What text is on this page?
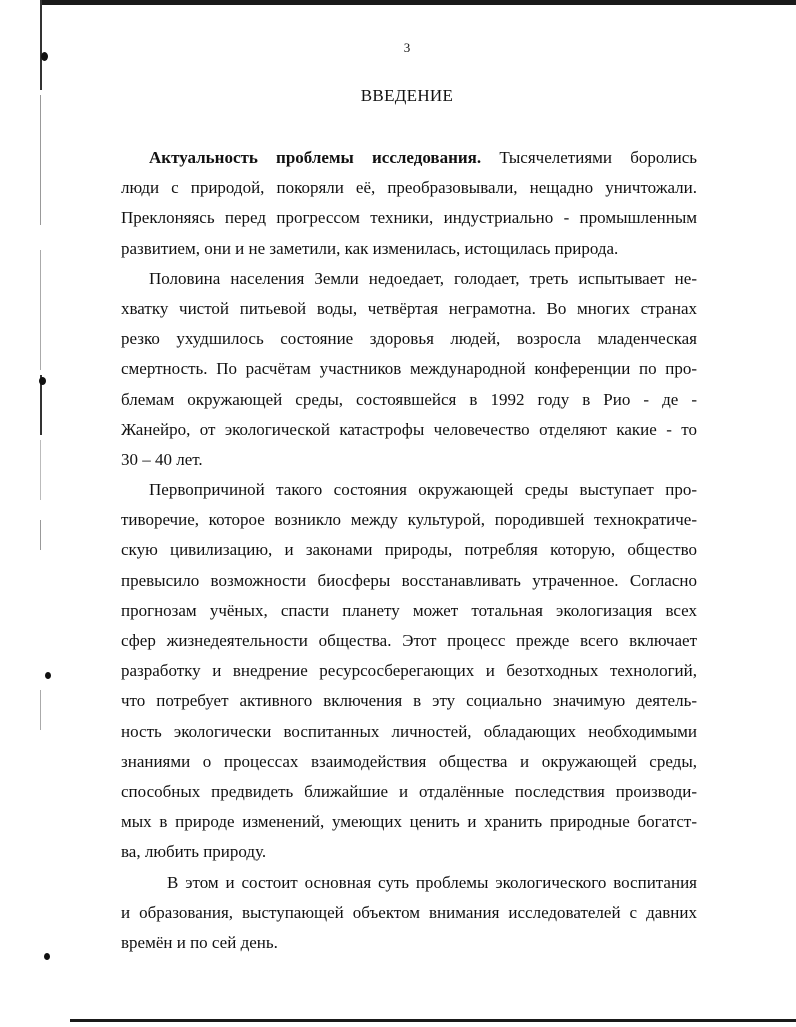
3
ВВЕДЕНИЕ
Актуальность проблемы исследования. Тысячелетиями боролись
люди с природой, покоряли её, преобразовывали, нещадно уничтожали.
Преклоняясь перед прогрессом техники, индустриально - промышленным
развитием, они и не заметили, как изменилась, истощилась природа.
Половина населения Земли недоедает, голодает, треть испытывает не-
хватку чистой питьевой воды, четвёртая неграмотна. Во многих странах
резко ухудшилось состояние здоровья людей, возросла младенческая
смертность. По расчётам участников международной конференции по про-
блемам окружающей среды, состоявшейся в 1992 году в Рио - де -
Жанейро, от экологической катастрофы человечество отделяют какие - то
30 – 40 лет.
Первопричиной такого состояния окружающей среды выступает про-
тиворечие, которое возникло между культурой, породившей технократиче-
скую цивилизацию, и законами природы, потребляя которую, общество
превысило возможности биосферы восстанавливать утраченное. Согласно
прогнозам учёных, спасти планету может тотальная экологизация всех
сфер жизнедеятельности общества. Этот процесс прежде всего включает
разработку и внедрение ресурсосберегающих и безотходных технологий,
что потребует активного включения в эту социально значимую деятель-
ность экологически воспитанных личностей, обладающих необходимыми
знаниями о процессах взаимодействия общества и окружающей среды,
способных предвидеть ближайшие и отдалённые последствия производи-
мых в природе изменений, умеющих ценить и хранить природные богатст-
ва, любить природу.
В этом и состоит основная суть проблемы экологического воспитания
и образования, выступающей объектом внимания исследователей с давних
времён и по сей день.
